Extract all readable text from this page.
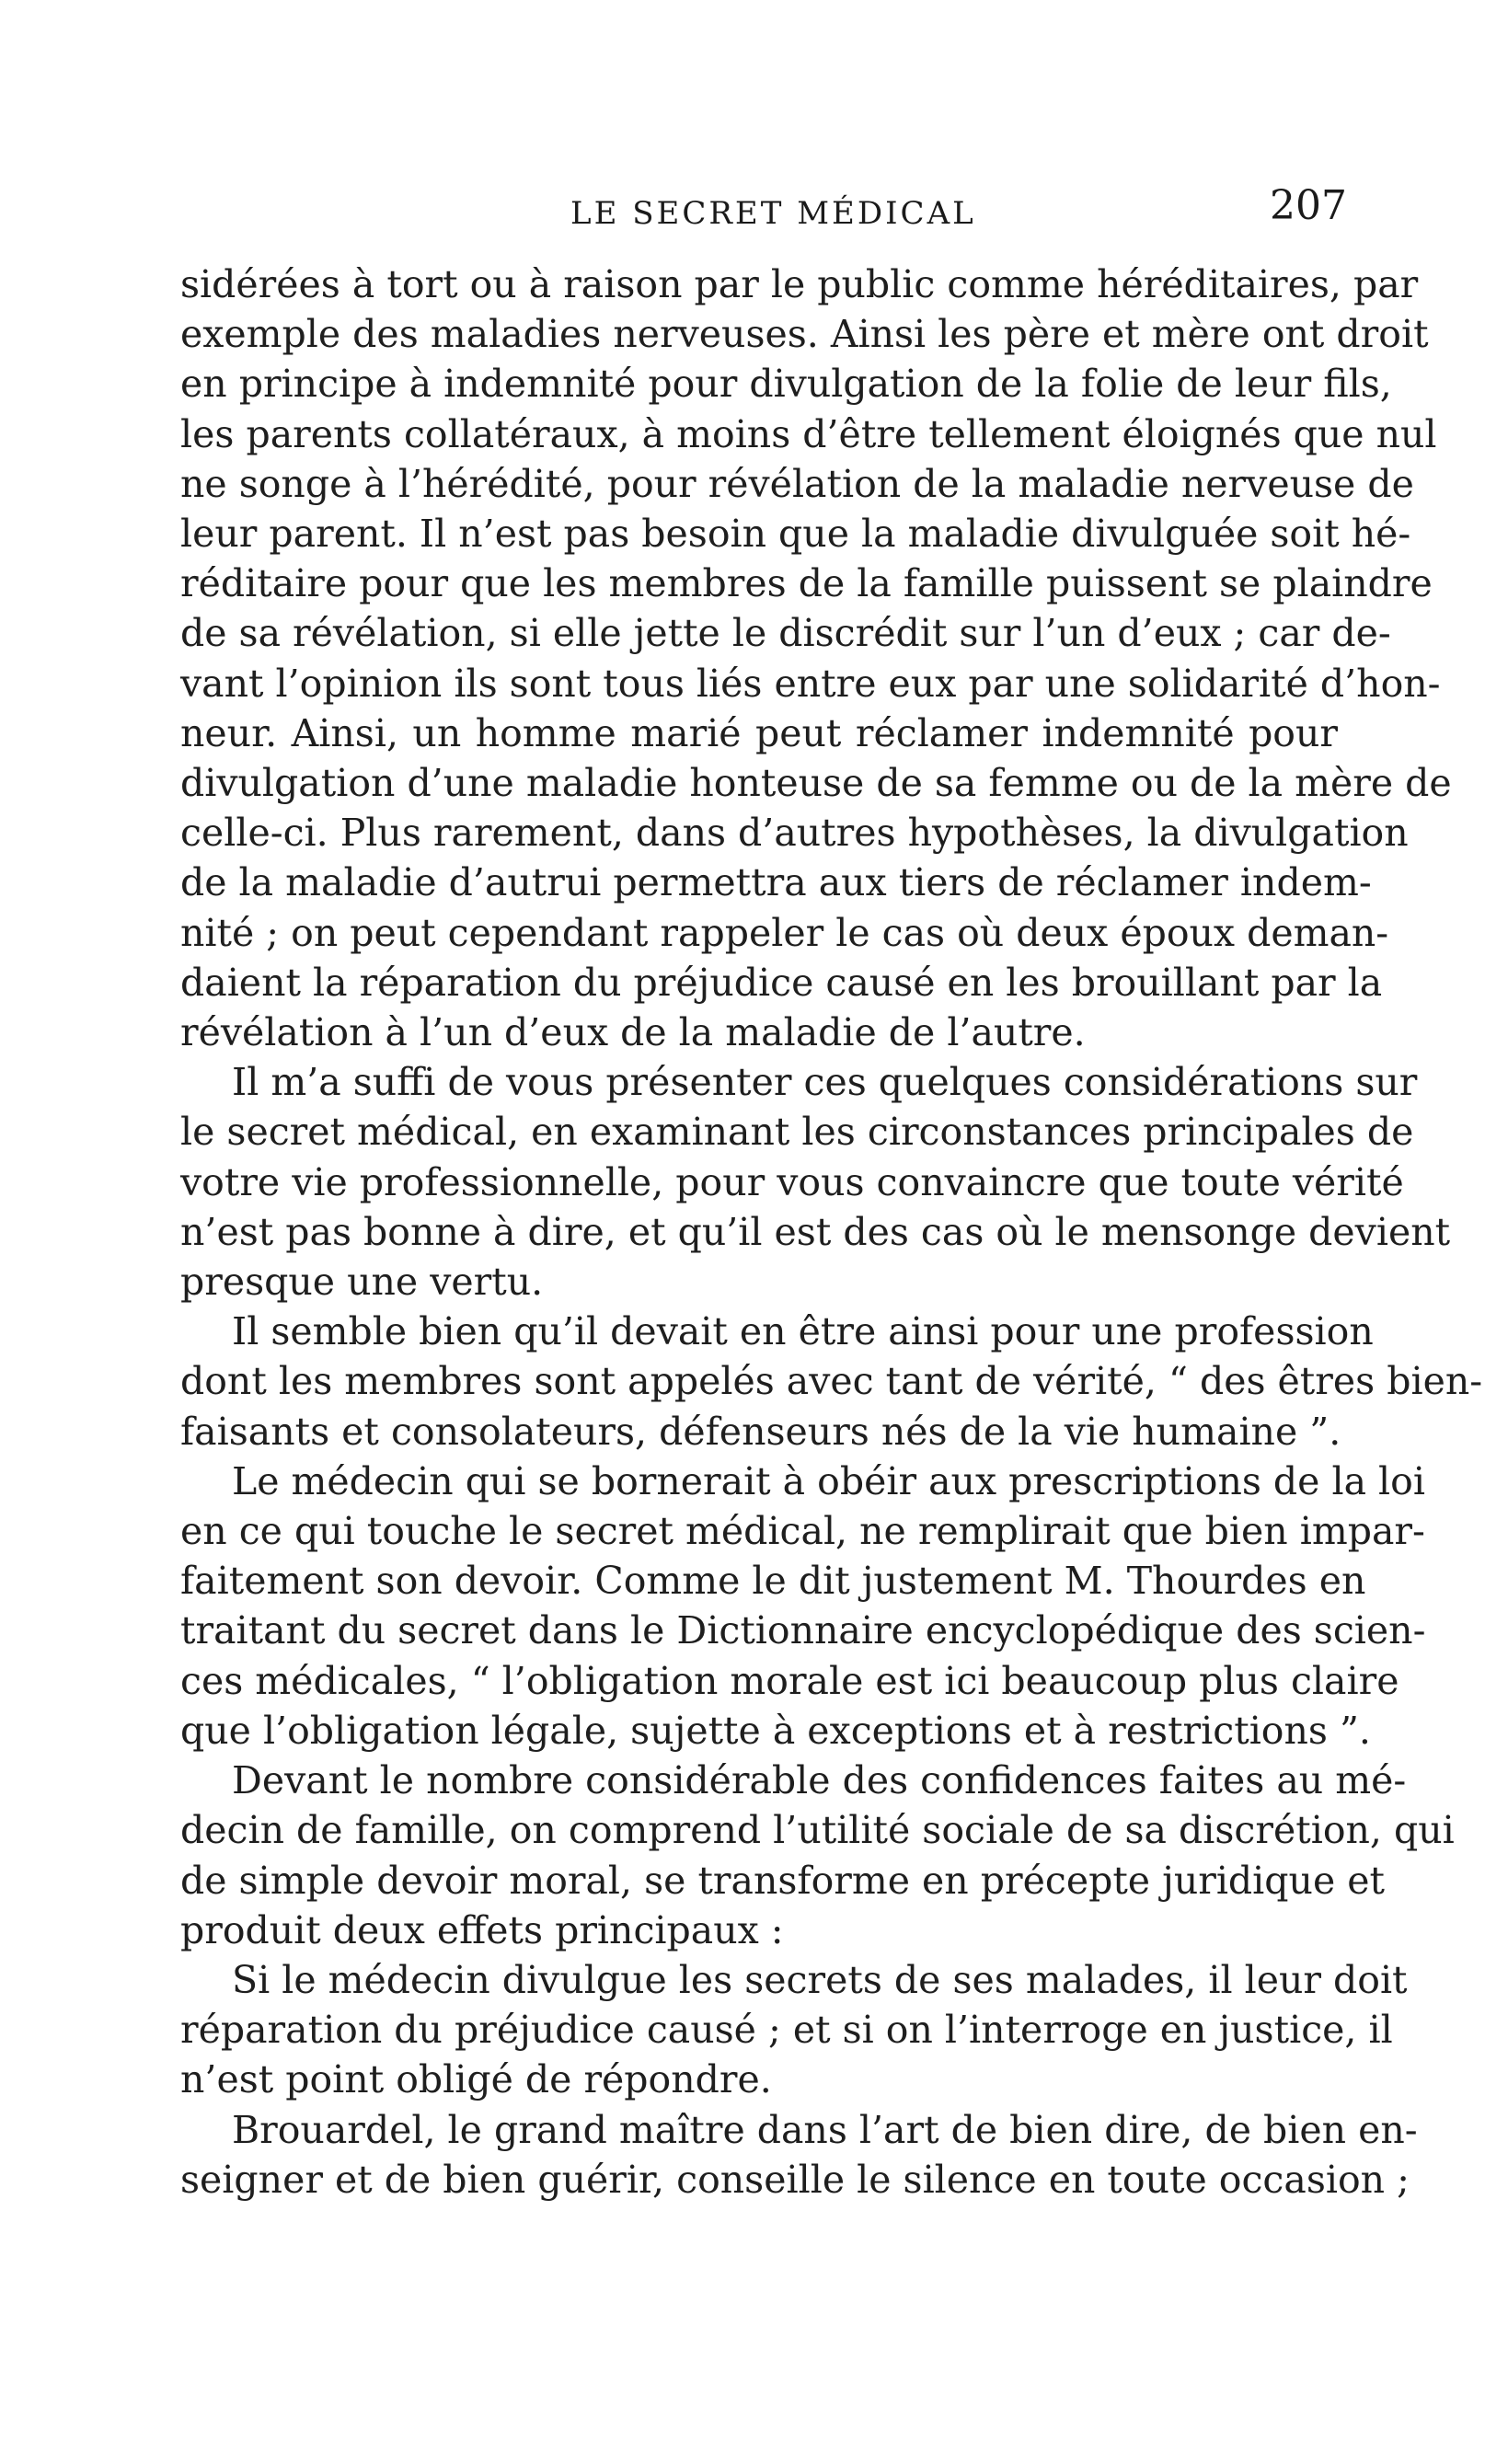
LE SECRET MÉDICAL	207
sidérées à tort ou à raison par le public comme héréditaires, par
exemple des maladies nerveuses. Ainsi les père et mère ont droit
en principe à indemnité pour divulgation de la folie de leur fils,
les parents collatéraux, à moins d’être tellement éloignés que nul
ne songe à l’hérédité, pour révélation de la maladie nerveuse de
leur parent. Il n’est pas besoin que la maladie divulguée soit hé-
réditaire pour que les membres de la famille puissent se plaindre
de sa révélation, si elle jette le discrédit sur l’un d’eux ; car de-
vant l’opinion ils sont tous liés entre eux par une solidarité d’hon-
neur. Ainsi, un homme marié peut réclamer indemnité pour
divulgation d’une maladie honteuse de sa femme ou de la mère de
celle-ci. Plus rarement, dans d’autres hypothèses, la divulgation
de la maladie d’autrui permettra aux tiers de réclamer indem-
nité ; on peut cependant rappeler le cas où deux époux deman-
daient la réparation du préjudice causé en les brouillant par la
révélation à l’un d’eux de la maladie de l’autre.
Il m’a suffi de vous présenter ces quelques considérations sur
le secret médical, en examinant les circonstances principales de
votre vie professionnelle, pour vous convaincre que toute vérité
n’est pas bonne à dire, et qu’il est des cas où le mensonge devient
presque une vertu.
Il semble bien qu’il devait en être ainsi pour une profession
dont les membres sont appelés avec tant de vérité, “ des êtres bien-
faisants et consolateurs, défenseurs nés de la vie humaine ”.
Le médecin qui se bornerait à obéir aux prescriptions de la loi
en ce qui touche le secret médical, ne remplirait que bien impar-
faitement son devoir. Comme le dit justement M. Thourdes en
traitant du secret dans le Dictionnaire encyclopédique des scien-
ces médicales, “ l’obligation morale est ici beaucoup plus claire
que l’obligation légale, sujette à exceptions et à restrictions ”.
Devant le nombre considérable des confidences faites au mé-
decin de famille, on comprend l’utilité sociale de sa discrétion, qui
de simple devoir moral, se transforme en précepte juridique et
produit deux effets principaux :
Si le médecin divulgue les secrets de ses malades, il leur doit
réparation du préjudice causé ; et si on l’interroge en justice, il
n’est point obligé de répondre.
Brouardel, le grand maître dans l’art de bien dire, de bien en-
seigner et de bien guérir, conseille le silence en toute occasion ;
